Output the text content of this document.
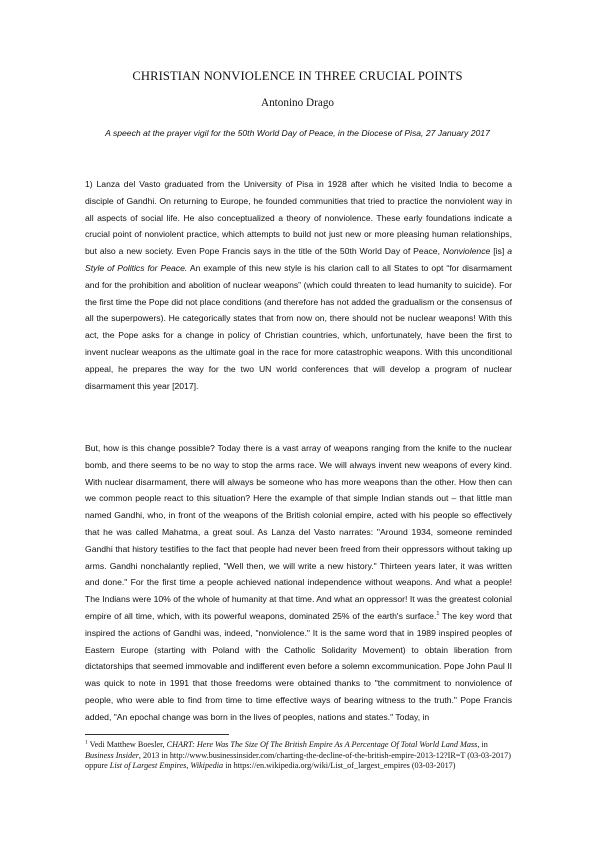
CHRISTIAN NONVIOLENCE IN THREE CRUCIAL POINTS
Antonino Drago
A speech at the prayer vigil for the 50th World Day of Peace, in the Diocese of Pisa, 27 January 2017

1) Lanza del Vasto graduated from the University of Pisa in 1928 after which he visited India to become a disciple of Gandhi. On returning to Europe, he founded communities that tried to practice the nonviolent way in all aspects of social life. He also conceptualized a theory of nonviolence. These early foundations indicate a crucial point of nonviolent practice, which attempts to build not just new or more pleasing human relationships, but also a new society. Even Pope Francis says in the title of the 50th World Day of Peace, Nonviolence [is] a Style of Politics for Peace. An example of this new style is his clarion call to all States to opt “for disarmament and for the prohibition and abolition of nuclear weapons” (which could threaten to lead humanity to suicide). For the first time the Pope did not place conditions (and therefore has not added the gradualism or the consensus of all the superpowers). He categorically states that from now on, there should not be nuclear weapons! With this act, the Pope asks for a change in policy of Christian countries, which, unfortunately, have been the first to invent nuclear weapons as the ultimate goal in the race for more catastrophic weapons. With this unconditional appeal, he prepares the way for the two UN world conferences that will develop a program of nuclear disarmament this year [2017].

But, how is this change possible? Today there is a vast array of weapons ranging from the knife to the nuclear bomb, and there seems to be no way to stop the arms race. We will always invent new weapons of every kind. With nuclear disarmament, there will always be someone who has more weapons than the other. How then can we common people react to this situation? Here the example of that simple Indian stands out – that little man named Gandhi, who, in front of the weapons of the British colonial empire, acted with his people so effectively that he was called Mahatma, a great soul. As Lanza del Vasto narrates: "Around 1934, someone reminded Gandhi that history testifies to the fact that people had never been freed from their oppressors without taking up arms. Gandhi nonchalantly replied, "Well then, we will write a new history." Thirteen years later, it was written and done." For the first time a people achieved national independence without weapons. And what a people! The Indians were 10% of the whole of humanity at that time. And what an oppressor! It was the greatest colonial empire of all time, which, with its powerful weapons, dominated 25% of the earth's surface.$^1$ The key word that inspired the actions of Gandhi was, indeed, "nonviolence." It is the same word that in 1989 inspired peoples of Eastern Europe (starting with Poland with the Catholic Solidarity Movement) to obtain liberation from dictatorships that seemed immovable and indifferent even before a solemn excommunication. Pope John Paul II was quick to note in 1991 that those freedoms were obtained thanks to "the commitment to nonviolence of people, who were able to find from time to time effective ways of bearing witness to the truth." Pope Francis added, "An epochal change was born in the lives of peoples, nations and states." Today, in

$^1$ Vedi Matthew Boesler, CHART: Here Was The Size Of The British Empire As A Percentage Of Total World Land Mass, in Business Insider, 2013 in http://www.businessinsider.com/charting-the-decline-of-the-british-empire-2013-12?IR=T (03-03-2017) oppure List of Largest Empires, Wikipedia in https://en.wikipedia.org/wiki/List_of_largest_empires (03-03-2017)
